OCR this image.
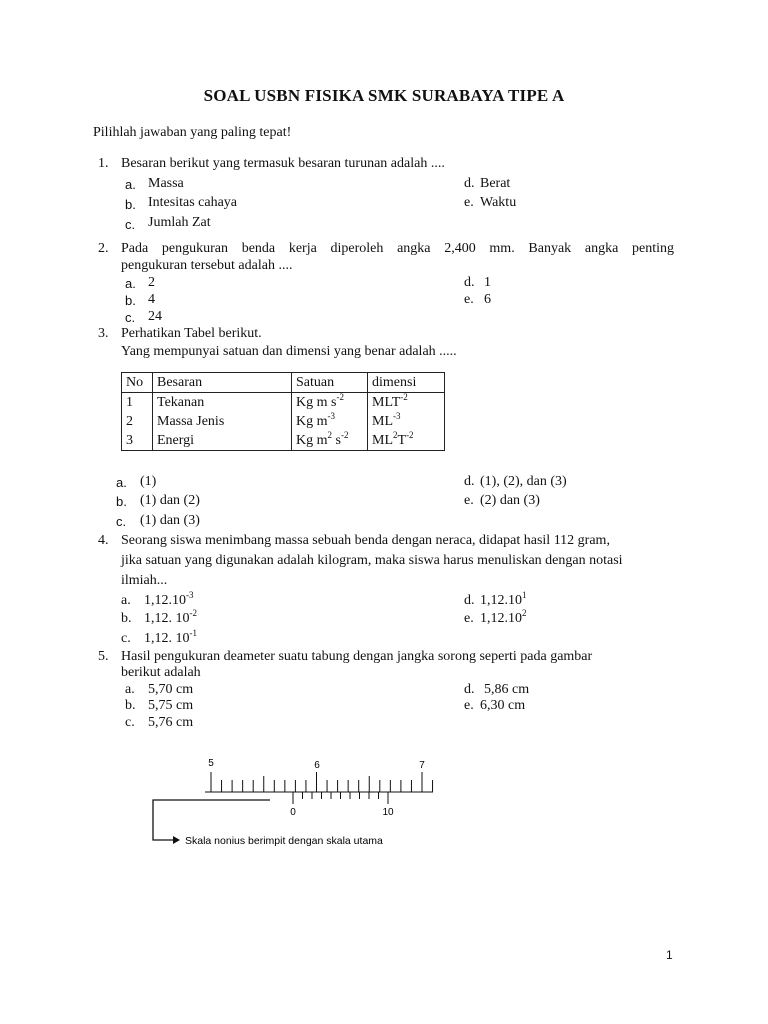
SOAL USBN FISIKA SMK SURABAYA TIPE A
Pilihlah jawaban yang paling tepat!
1. Besaran berikut yang termasuk besaran turunan adalah ....
a. Massa
b. Intesitas cahaya
c. Jumlah Zat
d. Berat
e. Waktu
2. Pada pengukuran benda kerja diperoleh angka 2,400 mm. Banyak angka penting
pengukuran tersebut adalah ....
a. 2
b. 4
c. 24
d. 1
e. 6
3. Perhatikan Tabel berikut.
Yang mempunyai satuan dan dimensi yang benar adalah .....
No	Besaran	Satuan	dimensi
1	Tekanan	Kg m $s^{-2}$	$MLT^{-2}$
2	Massa Jenis	Kg $m^{-3}$	$ML^{-3}$
3	Energi	Kg $m^2$ $s^{-2}$	$ML^2T^{-2}$
a. (1)
b. (1) dan (2)
c. (1) dan (3)
d. (1), (2), dan (3)
e. (2) dan (3)
4. Seorang siswa menimbang massa sebuah benda dengan neraca, didapat hasil 112 gram,
jika satuan yang digunakan adalah kilogram, maka siswa harus menuliskan dengan notasi
ilmiah...
a. $1,12.10^{-3}$
b. 1,12. $10^{-2}$
c. 1,12. $10^{-1}$
d. 1,12.10$^1$
e. 1,12.10$^2$
5. Hasil pengukuran deameter suatu tabung dengan jangka sorong seperti pada gambar
berikut adalah
a. 5,70 cm
b. 5,75 cm
c. 5,76 cm
d. 5,86 cm
e. 6,30 cm
5	6	7
0	10
Skala nonius berimpit dengan skala utama
1
